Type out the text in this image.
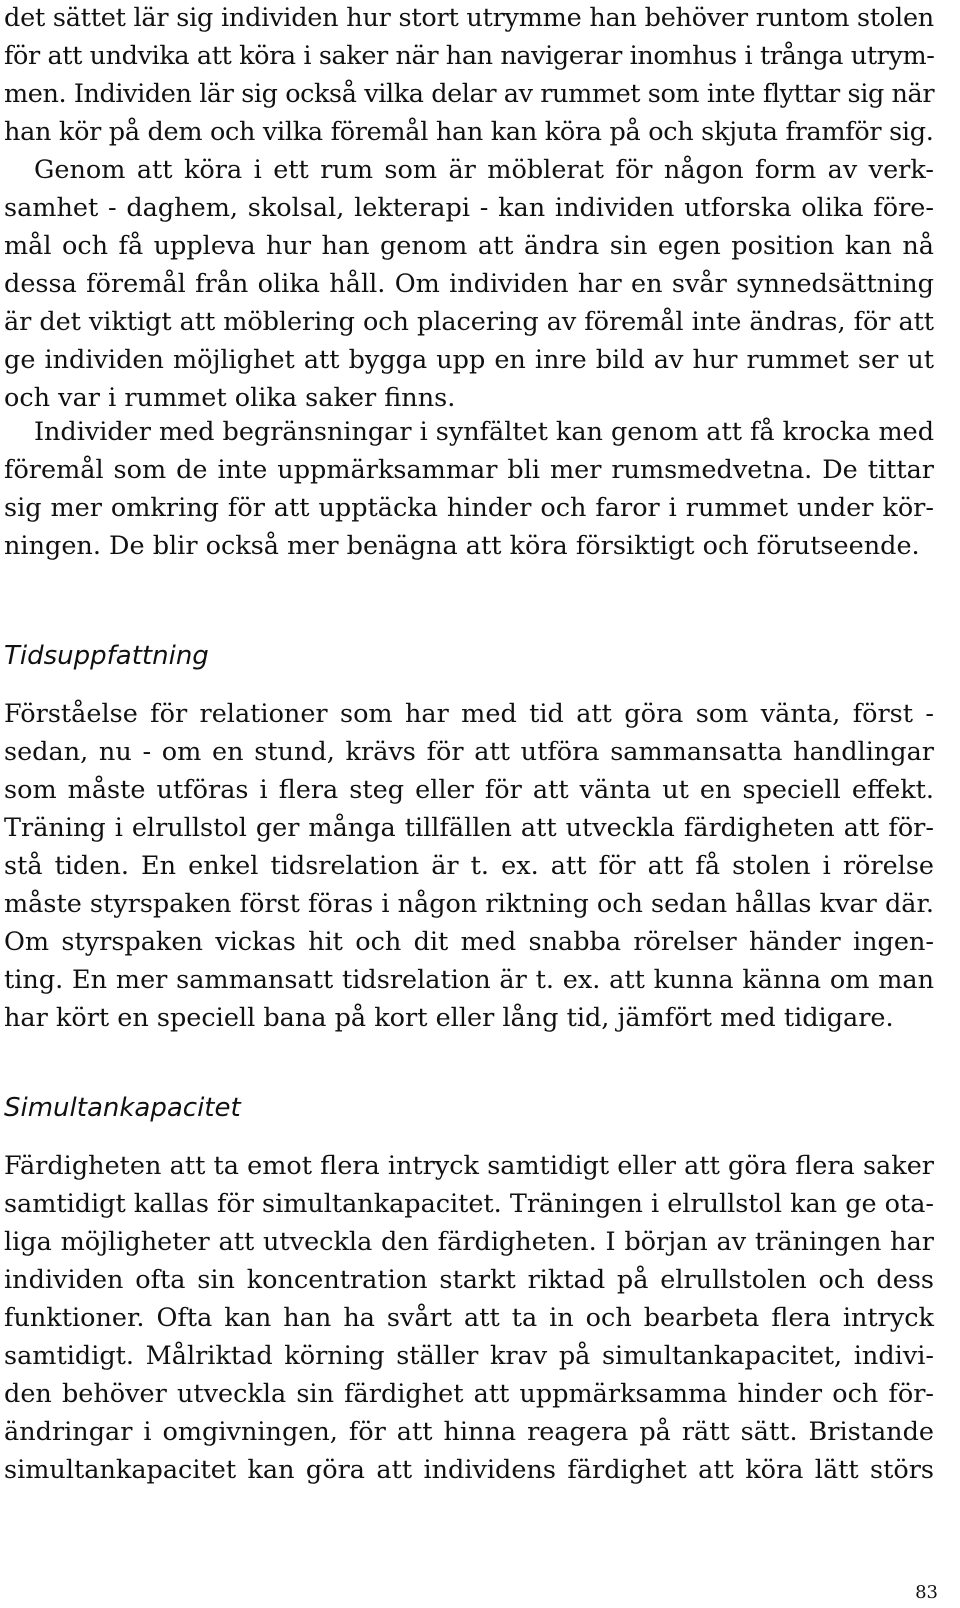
det sättet lär sig individen hur stort utrymme han behöver runtom stolen
för att undvika att köra i saker när han navigerar inomhus i trånga utrym-
men. Individen lär sig också vilka delar av rummet som inte flyttar sig när
han kör på dem och vilka föremål han kan köra på och skjuta framför sig.
Genom att köra i ett rum som är möblerat för någon form av verk-
samhet - daghem, skolsal, lekterapi - kan individen utforska olika före-
mål och få uppleva hur han genom att ändra sin egen position kan nå
dessa föremål från olika håll. Om individen har en svår synnedsättning
är det viktigt att möblering och placering av föremål inte ändras, för att
ge individen möjlighet att bygga upp en inre bild av hur rummet ser ut
och var i rummet olika saker finns.
Individer med begränsningar i synfältet kan genom att få krocka med
föremål som de inte uppmärksammar bli mer rumsmedvetna. De tittar
sig mer omkring för att upptäcka hinder och faror i rummet under kör-
ningen. De blir också mer benägna att köra försiktigt och förutseende.
Tidsuppfattning
Förståelse för relationer som har med tid att göra som vänta, först -
sedan, nu - om en stund, krävs för att utföra sammansatta handlingar
som måste utföras i flera steg eller för att vänta ut en speciell effekt.
Träning i elrullstol ger många tillfällen att utveckla färdigheten att för-
stå tiden. En enkel tidsrelation är t. ex. att för att få stolen i rörelse
måste styrspaken först föras i någon riktning och sedan hållas kvar där.
Om styrspaken vickas hit och dit med snabba rörelser händer ingen-
ting. En mer sammansatt tidsrelation är t. ex. att kunna känna om man
har kört en speciell bana på kort eller lång tid, jämfört med tidigare.
Simultankapacitet
Färdigheten att ta emot flera intryck samtidigt eller att göra flera saker
samtidigt kallas för simultankapacitet. Träningen i elrullstol kan ge ota-
liga möjligheter att utveckla den färdigheten. I början av träningen har
individen ofta sin koncentration starkt riktad på elrullstolen och dess
funktioner. Ofta kan han ha svårt att ta in och bearbeta flera intryck
samtidigt. Målriktad körning ställer krav på simultankapacitet, indivi-
den behöver utveckla sin färdighet att uppmärksamma hinder och för-
ändringar i omgivningen, för att hinna reagera på rätt sätt. Bristande
simultankapacitet kan göra att individens färdighet att köra lätt störs
83
